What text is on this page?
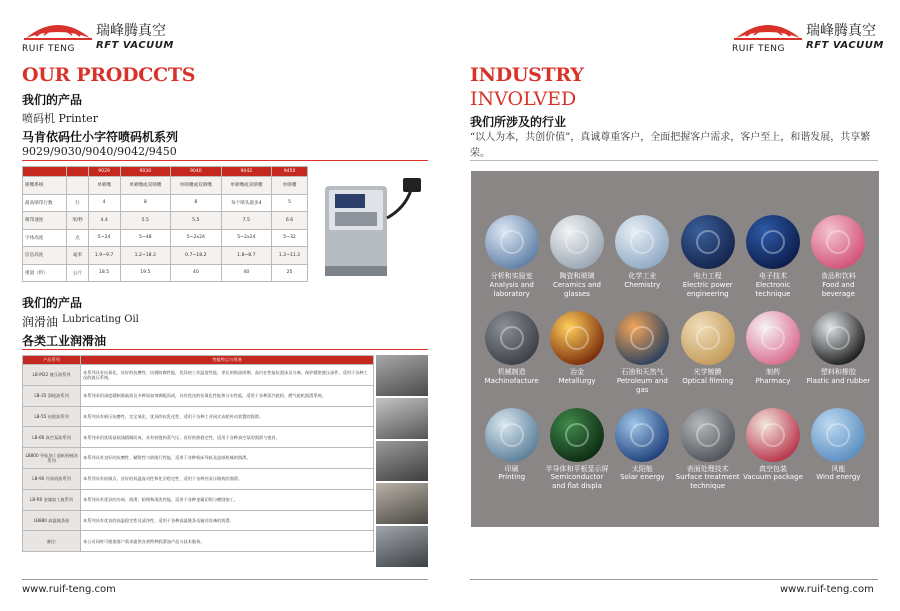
RUIF TENG
瑞峰腾真空
RFT VACUUM
OUR PRODCCTS
我们的产品
喷码机 Printer
马肯依码仕小字符喷码机系列
9029/9030/9040/9042/9450
		9029	9030	9040	9042	9450
喷嘴系统		单喷嘴	单喷嘴或双喷嘴	单喷嘴或双喷嘴	单喷嘴或双喷嘴	单喷嘴
最高喷印行数	行	4	8	8	每个喷头最多4	5
喷印速度	米/秒	4.4	5.5	5.5	7.5	6.6
字体高度	点	5~24	5~48	5~2x24	5~2x24	5~32
信息高度	毫米	1.9~9.7	1.2~18.2	0.7~18.2	1.8~8.7	1.2~11.2
重量（约）	公斤	18.5	19.5	40	40	25
我们的产品
润滑油 Lubricating Oil
各类工业润滑油
产品系列	性能特点与用途
LB-M22 液压油系列	本系列具有抗氧化、良好的抗磨性、抗锈防腐性能，优异的工作温度性能，更长的换油周期，高内在性能抗泡沫及分离，保护精密液压部件，适用于各种工况的液压系统。
LB-35 涡轮油系列	本系列采用深度精制基础油及多种添加剂调配而成，具有优良的抗氧化性能和分水性能，适用于各种蒸汽轮机、燃气轮机润滑系统。
LB-55 齿轮油系列	本系列具有极压抗磨性、完全氧化、优异的抗乳化性，适用于各种工业闭式齿轮传动装置的润滑。
LB-66 真空泵油系列	本系列采用优质基础油精制而成，具有低饱和蒸气压、良好的热稳定性，适用于各种真空泵的润滑与密封。
LB800 导轨油 / 造纸机械油系列	本系列具有良好的抗磨性、黏附性与防爬行性能，适用于各种机床导轨及造纸机械的润滑。
LB-90 冷冻机油系列	本系列具有低倾点、良好的低温流动性和化学稳定性，适用于各种冷冻压缩机的润滑。
LB-R0 金属加工液系列	本系列具有优异的冷却、润滑、防锈和清洗性能，适用于各种金属切削与磨削加工。
LB880 高温链条油	本系列具有优良的高温稳定性及清净性，适用于各种高温链条及输送设备的润滑。
备注:	本公司同时可根据客户需求提供各类特种润滑油产品与技术服务。
www.ruif-teng.com
RUIF TENG
瑞峰腾真空
RFT VACUUM
INDUSTRY
INVOLVED
我们所涉及的行业
“以人为本，共创价值”，真诚尊重客户，全面把握客户需求，客户至上，和谐发展，共享繁荣。
分析和实验室
Analysis and laboratory
陶瓷和玻璃
Ceramics and glasses
化学工业
Chemistry
电力工程
Electric power engineering
电子技术
Electronic technique
食品和饮料
Food and beverage
机械制造
Machinofacture
冶金
Metallurgy
石油和天然气
Petroleum and gas
光学镀膜
Optical filming
制药
Pharmacy
塑料和橡胶
Plastic and rubber
印刷
Printing
半导体和平板显示屏
Semiconductor and flat displa
太阳能
Solar energy
表面处理技术
Surface treatment technique
真空包装
Vacuum package
风能
Wind energy
www.ruif-teng.com
